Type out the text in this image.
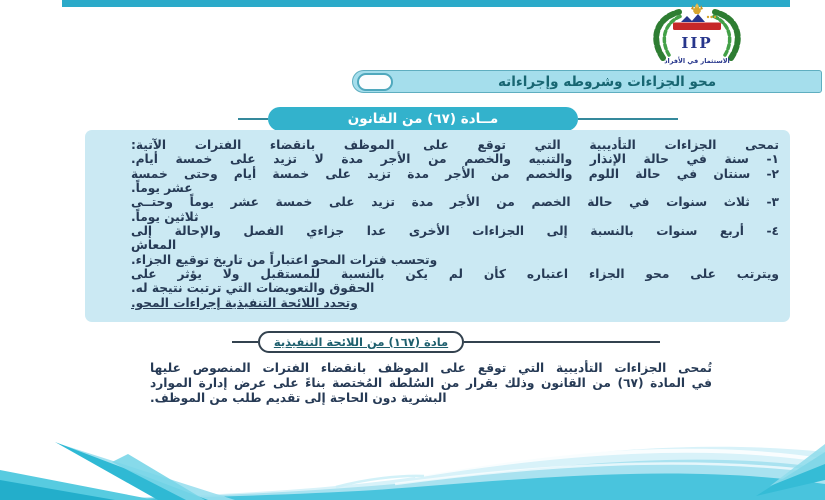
IIP
الاستثمار في الأفراد
محو الجزاءات وشروطه وإجراءاته
مــادة (٦٧) من القانون
تمحى الجزاءات التأديبية التي توقع على الموظف بانقضاء الفترات الآتية:
١- سنة في حالة الإنذار والتنبيه والخصم من الأجر مدة لا تزيد على خمسة أيام.
٢- سنتان في حالة اللوم والخصم من الأجر مدة تزيد على خمسة أيام وحتى خمسة
عشر يوماً.
٣- ثلاث سنوات في حالة الخصم من الأجر مدة تزيد على خمسة عشر يوماً وحتــى
ثلاثين يوماً.
٤- أربع سنوات بالنسبة إلى الجزاءات الأخرى عدا جزاءي الفصل والإحالة إلى
المعاش
وتحسب فترات المحو اعتباراً من تاريخ توقيع الجزاء.
ويترتب على محو الجزاء اعتباره كأن لم يكن بالنسبة للمستقبل ولا يؤثر على
الحقوق والتعويضات التي ترتبت نتيجة له.
وتحدد اللائحة التنفيذية إجراءات المحو.
مادة (١٦٧) من اللائحة التنفيذية
تُمحى الجزاءات التأديبية التي توقع على الموظف بانقضاء الفترات المنصوص عليها
في المادة (٦٧) من القانون وذلك بقرار من السُلطة المُختصة بناءً على عرض إدارة الموارد
البشرية دون الحاجة إلى تقديم طلب من الموظف.
